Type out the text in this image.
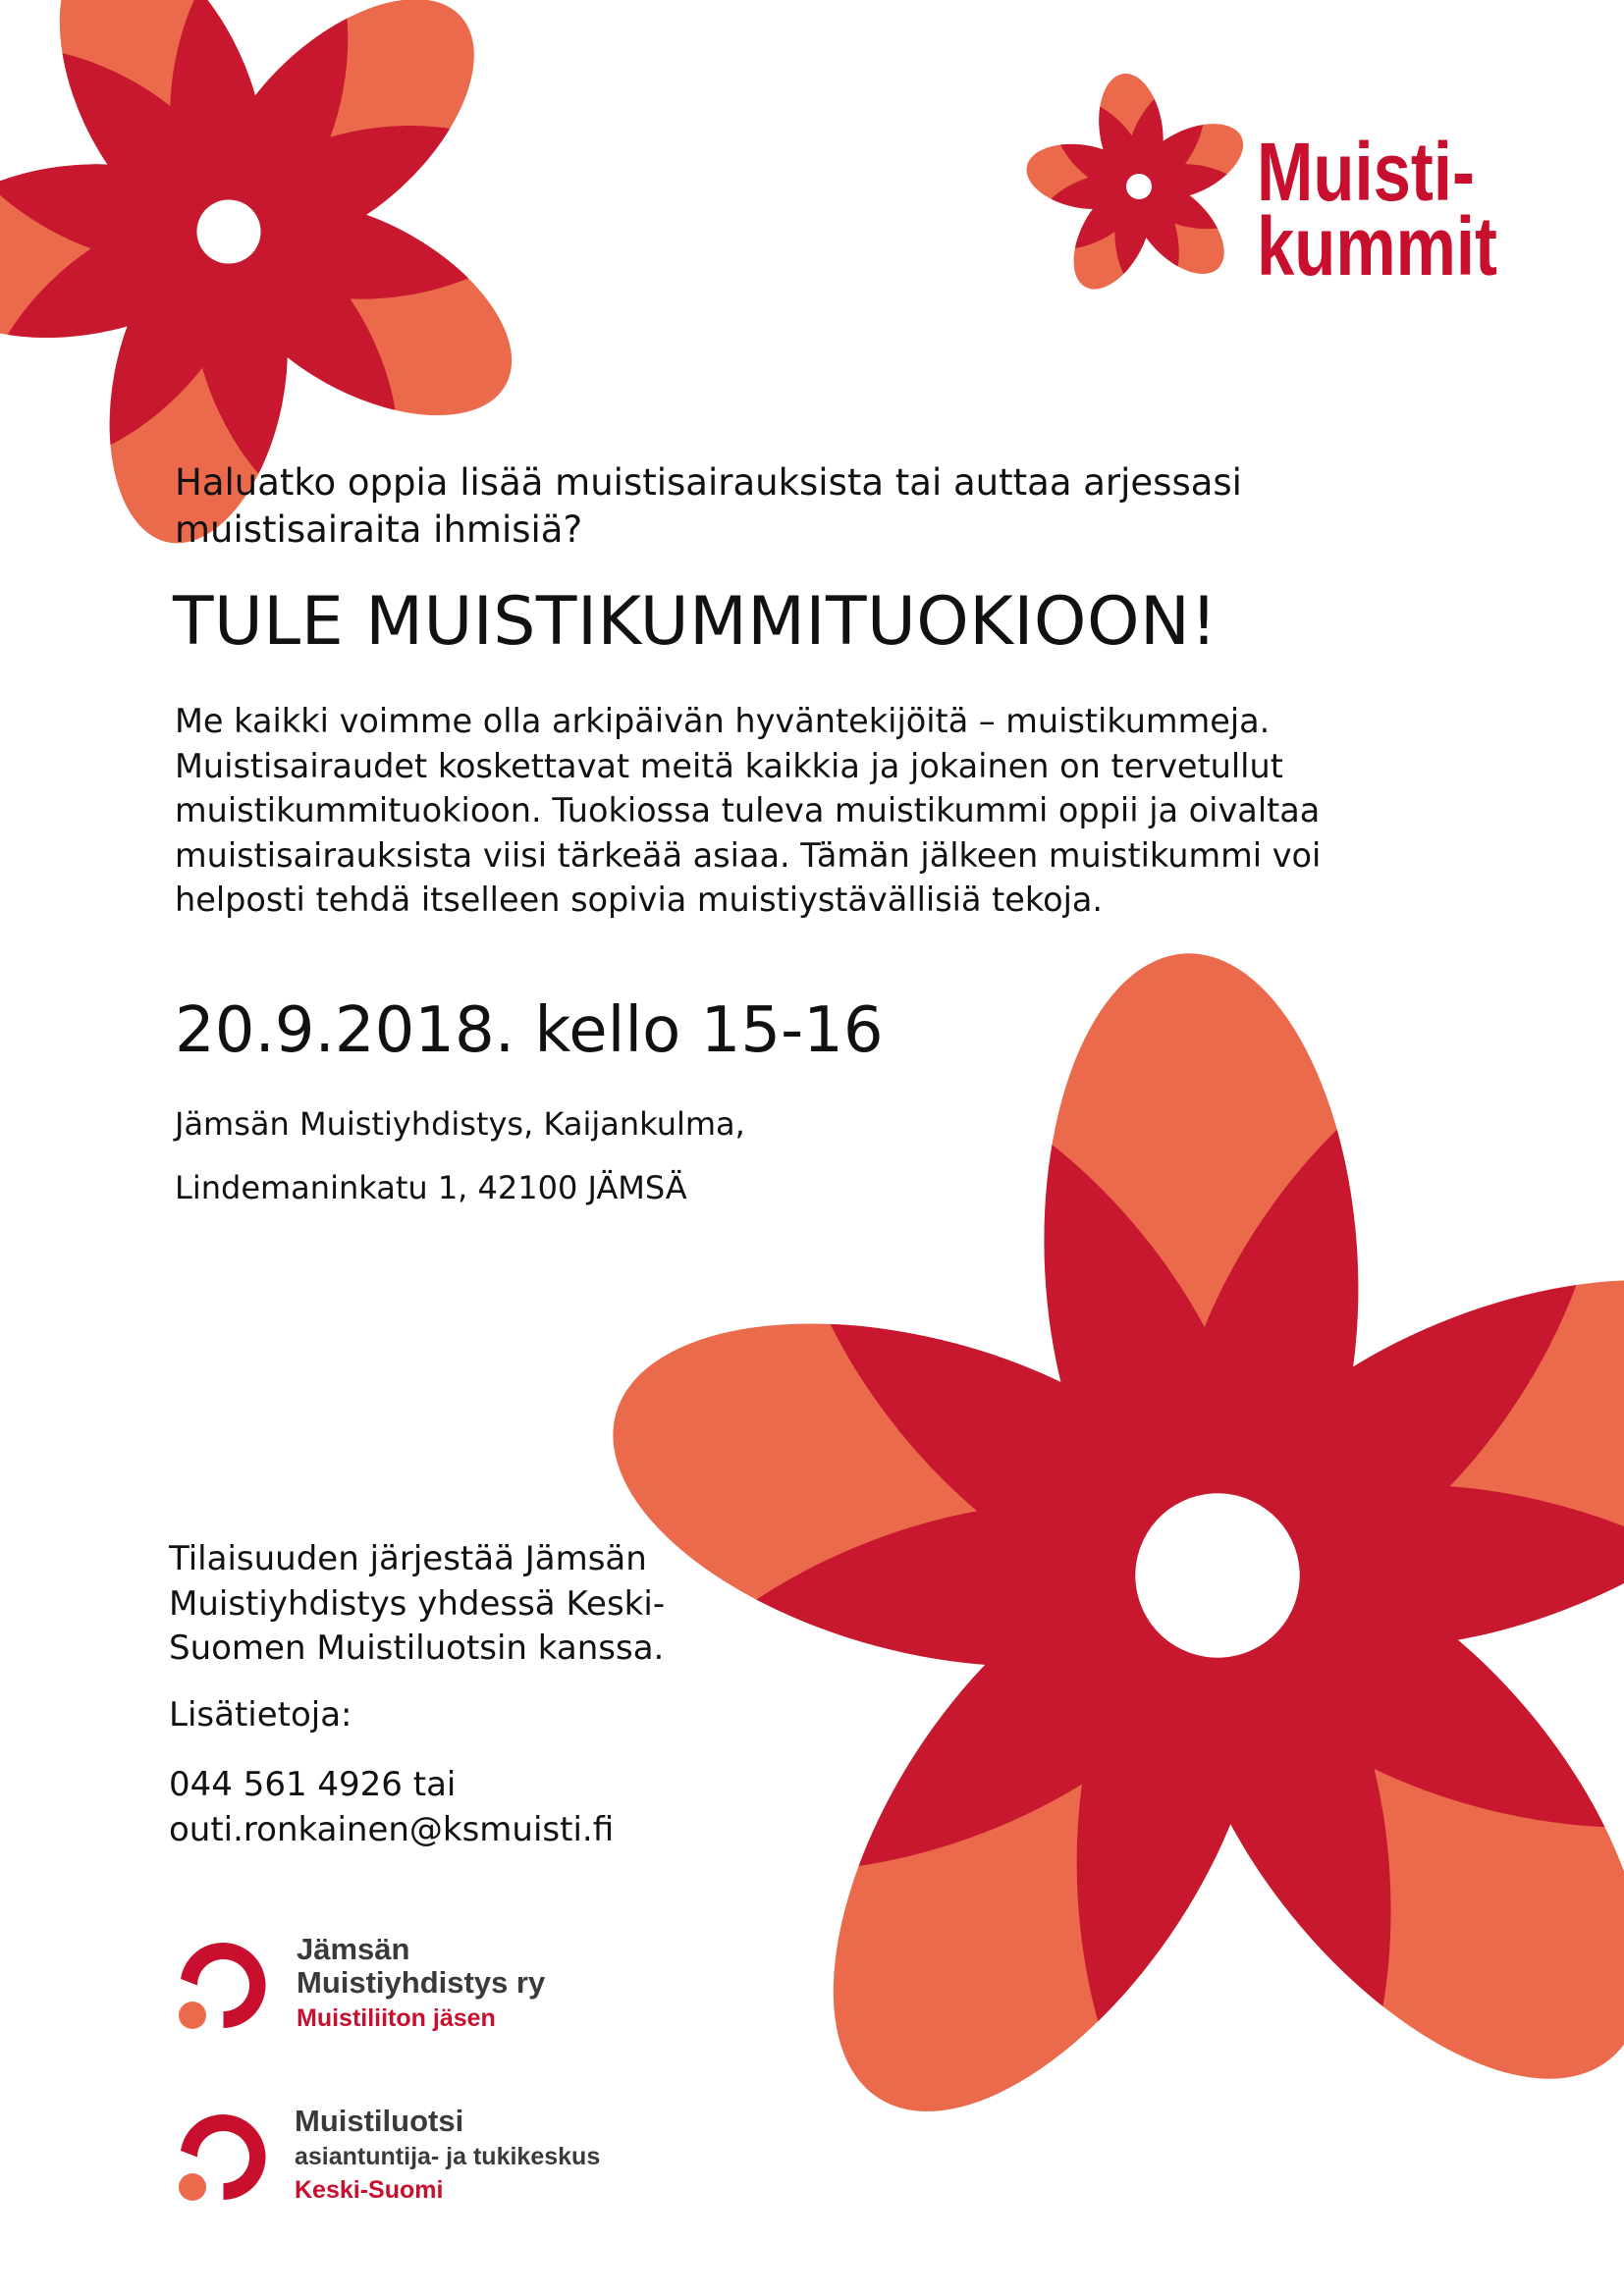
Muisti-
kummit

Haluatko oppia lisää muistisairauksista tai auttaa arjessasi muistisairaita ihmisiä?

TULE MUISTIKUMMITUOKIOON!
Me kaikki voimme olla arkipäivän hyväntekijöitä – muistikummeja.
Muistisairaudet koskettavat meitä kaikkia ja jokainen on tervetullut
muistikummituokioon. Tuokiossa tuleva muistikummi oppii ja oivaltaa
muistisairauksista viisi tärkeää asiaa. Tämän jälkeen muistikummi voi
helposti tehdä itselleen sopivia muistiystävällisiä tekoja.
20.9.2018. kello 15-16
Jämsän Muistiyhdistys, Kaijankulma,
Lindemaninkatu 1, 42100 JÄMSÄ
Tilaisuuden järjestää Jämsän
Muistiyhdistys yhdessä Keski-
Suomen Muistiluotsin kanssa.
Lisätietoja:
044 561 4926 tai
outi.ronkainen@ksmuisti.fi
Jämsän
Muistiyhdistys ry
Muistiliiton jäsen
Muistiluotsi
asiantuntija- ja tukikeskus
Keski-Suomi
